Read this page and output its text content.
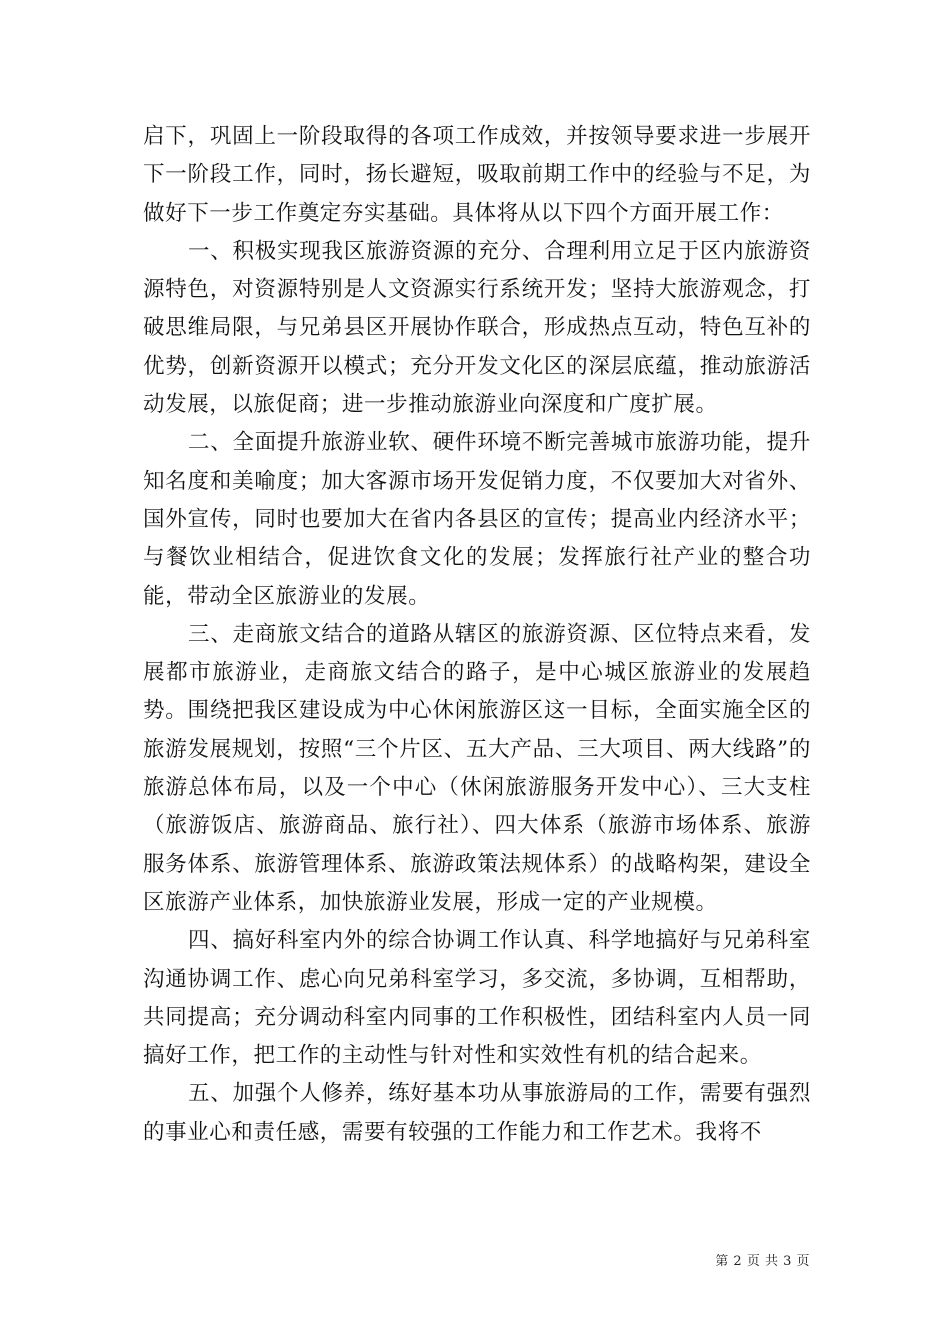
启下，巩固上一阶段取得的各项工作成效，并按领导要求进一步展开下一阶段工作，同时，扬长避短，吸取前期工作中的经验与不足，为做好下一步工作奠定夯实基础。具体将从以下四个方面开展工作：

一、积极实现我区旅游资源的充分、合理利用立足于区内旅游资源特色，对资源特别是人文资源实行系统开发；坚持大旅游观念，打破思维局限，与兄弟县区开展协作联合，形成热点互动，特色互补的优势，创新资源开以模式；充分开发文化区的深层底蕴，推动旅游活动发展，以旅促商；进一步推动旅游业向深度和广度扩展。

二、全面提升旅游业软、硬件环境不断完善城市旅游功能，提升知名度和美喻度；加大客源市场开发促销力度，不仅要加大对省外、国外宣传，同时也要加大在省内各县区的宣传；提高业内经济水平；与餐饮业相结合，促进饮食文化的发展；发挥旅行社产业的整合功能，带动全区旅游业的发展。

三、走商旅文结合的道路从辖区的旅游资源、区位特点来看，发展都市旅游业，走商旅文结合的路子，是中心城区旅游业的发展趋势。围绕把我区建设成为中心休闲旅游区这一目标，全面实施全区的旅游发展规划，按照“三个片区、五大产品、三大项目、两大线路”的旅游总体布局，以及一个中心（休闲旅游服务开发中心）、三大支柱（旅游饭店、旅游商品、旅行社）、四大体系（旅游市场体系、旅游服务体系、旅游管理体系、旅游政策法规体系）的战略构架，建设全区旅游产业体系，加快旅游业发展，形成一定的产业规模。

四、搞好科室内外的综合协调工作认真、科学地搞好与兄弟科室沟通协调工作、虑心向兄弟科室学习，多交流，多协调，互相帮助，共同提高；充分调动科室内同事的工作积极性，团结科室内人员一同搞好工作，把工作的主动性与针对性和实效性有机的结合起来。

五、加强个人修养，练好基本功从事旅游局的工作，需要有强烈的事业心和责任感，需要有较强的工作能力和工作艺术。我将不

第 2 页 共 3 页
